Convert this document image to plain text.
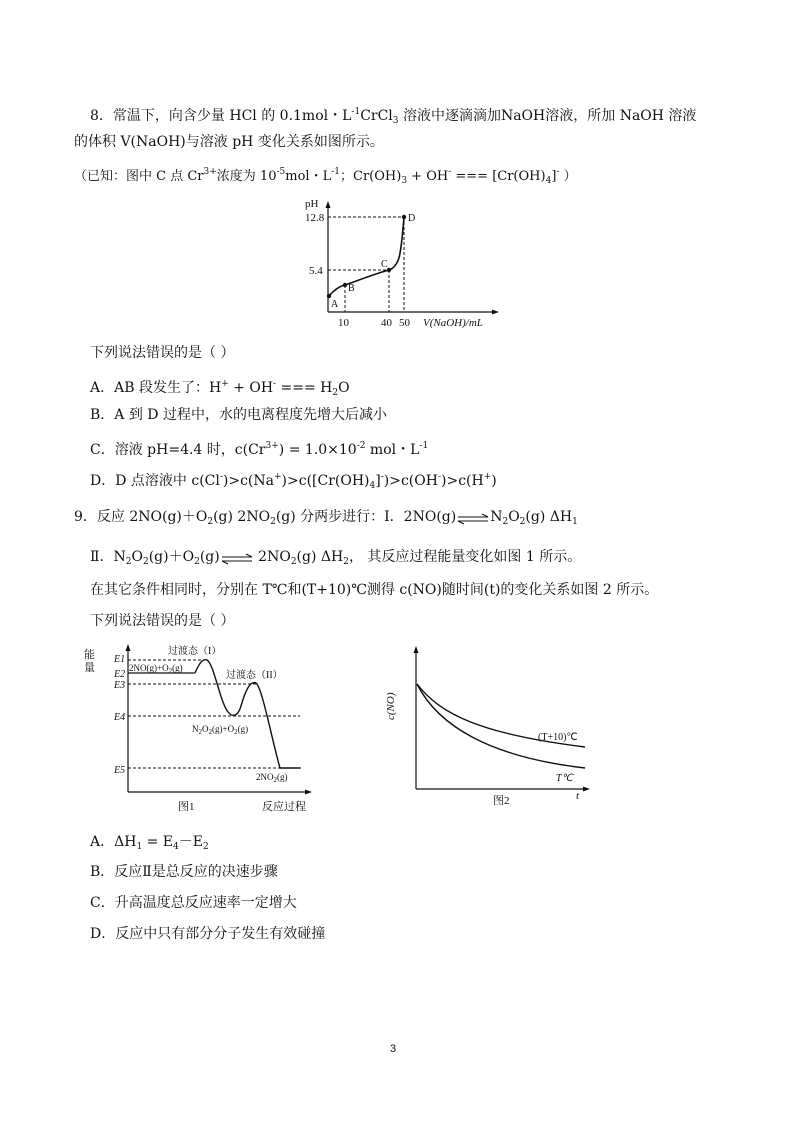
8．常温下，向含少量 HCl 的 0.1mol・$L^{-1}CrCl_3$ 溶液中逐滴滴加NaOH溶液，所加 NaOH 溶液
的体积 V(NaOH)与溶液 pH 变化关系如图所示。
（已知：图中 C 点 $Cr^{3+}$浓度为 $10^{-5}mol$・$L^{-1}$；$Cr(OH)_3 + OH^-$ === $[Cr(OH)_4]^-$ ）
pH
12.8
5.4
A
B
C
D
10	40 50 V(NaOH)/mL
下列说法错误的是（ ）
A．AB 段发生了：H+ + OH- === $H_2O$
B．A 到 D 过程中，水的电离程度先增大后减小
C．溶液 pH=4.4 时，$c(Cr^{3+}) = 1.0\times 10^{-2}$ mol・$L^{-1}$
D．D 点溶液中 $c(Cl^-)>c(Na^+)>c([Cr(OH)_4]^-)>c(OH^-)>c(H^+)$
9．反应 $2NO(g)+O_2(g)$ $2NO_2(g)$ 分两步进行：Ⅰ．$2NO(g)\rightleftharpoons N_2O_2(g)$ $\Delta H_1$
Ⅱ．$N_2O_2(g)+O_2(g)\rightleftharpoons$ $2NO_2(g)$ $\Delta H_2$， 其反应过程能量变化如图 1 所示。
在其它条件相同时，分别在 T℃和(T+10)℃测得 c(NO)随时间(t)的变化关系如图 2 所示。
下列说法错误的是（ ）
能
量
E1
E2
E3
E4
E5
过渡态（I）
过渡态（II）
$2NO(g)+O_2(g)$
$N_2O_2(g)+O_2(g)$
$2NO_2(g)$
图1	反应过程
c(NO)
(T+10)℃
T℃
t
图2
A．$\Delta H_1 = E_4-E_2$
B．反应Ⅱ是总反应的决速步骤
C．升高温度总反应速率一定增大
D．反应中只有部分分子发生有效碰撞
3
